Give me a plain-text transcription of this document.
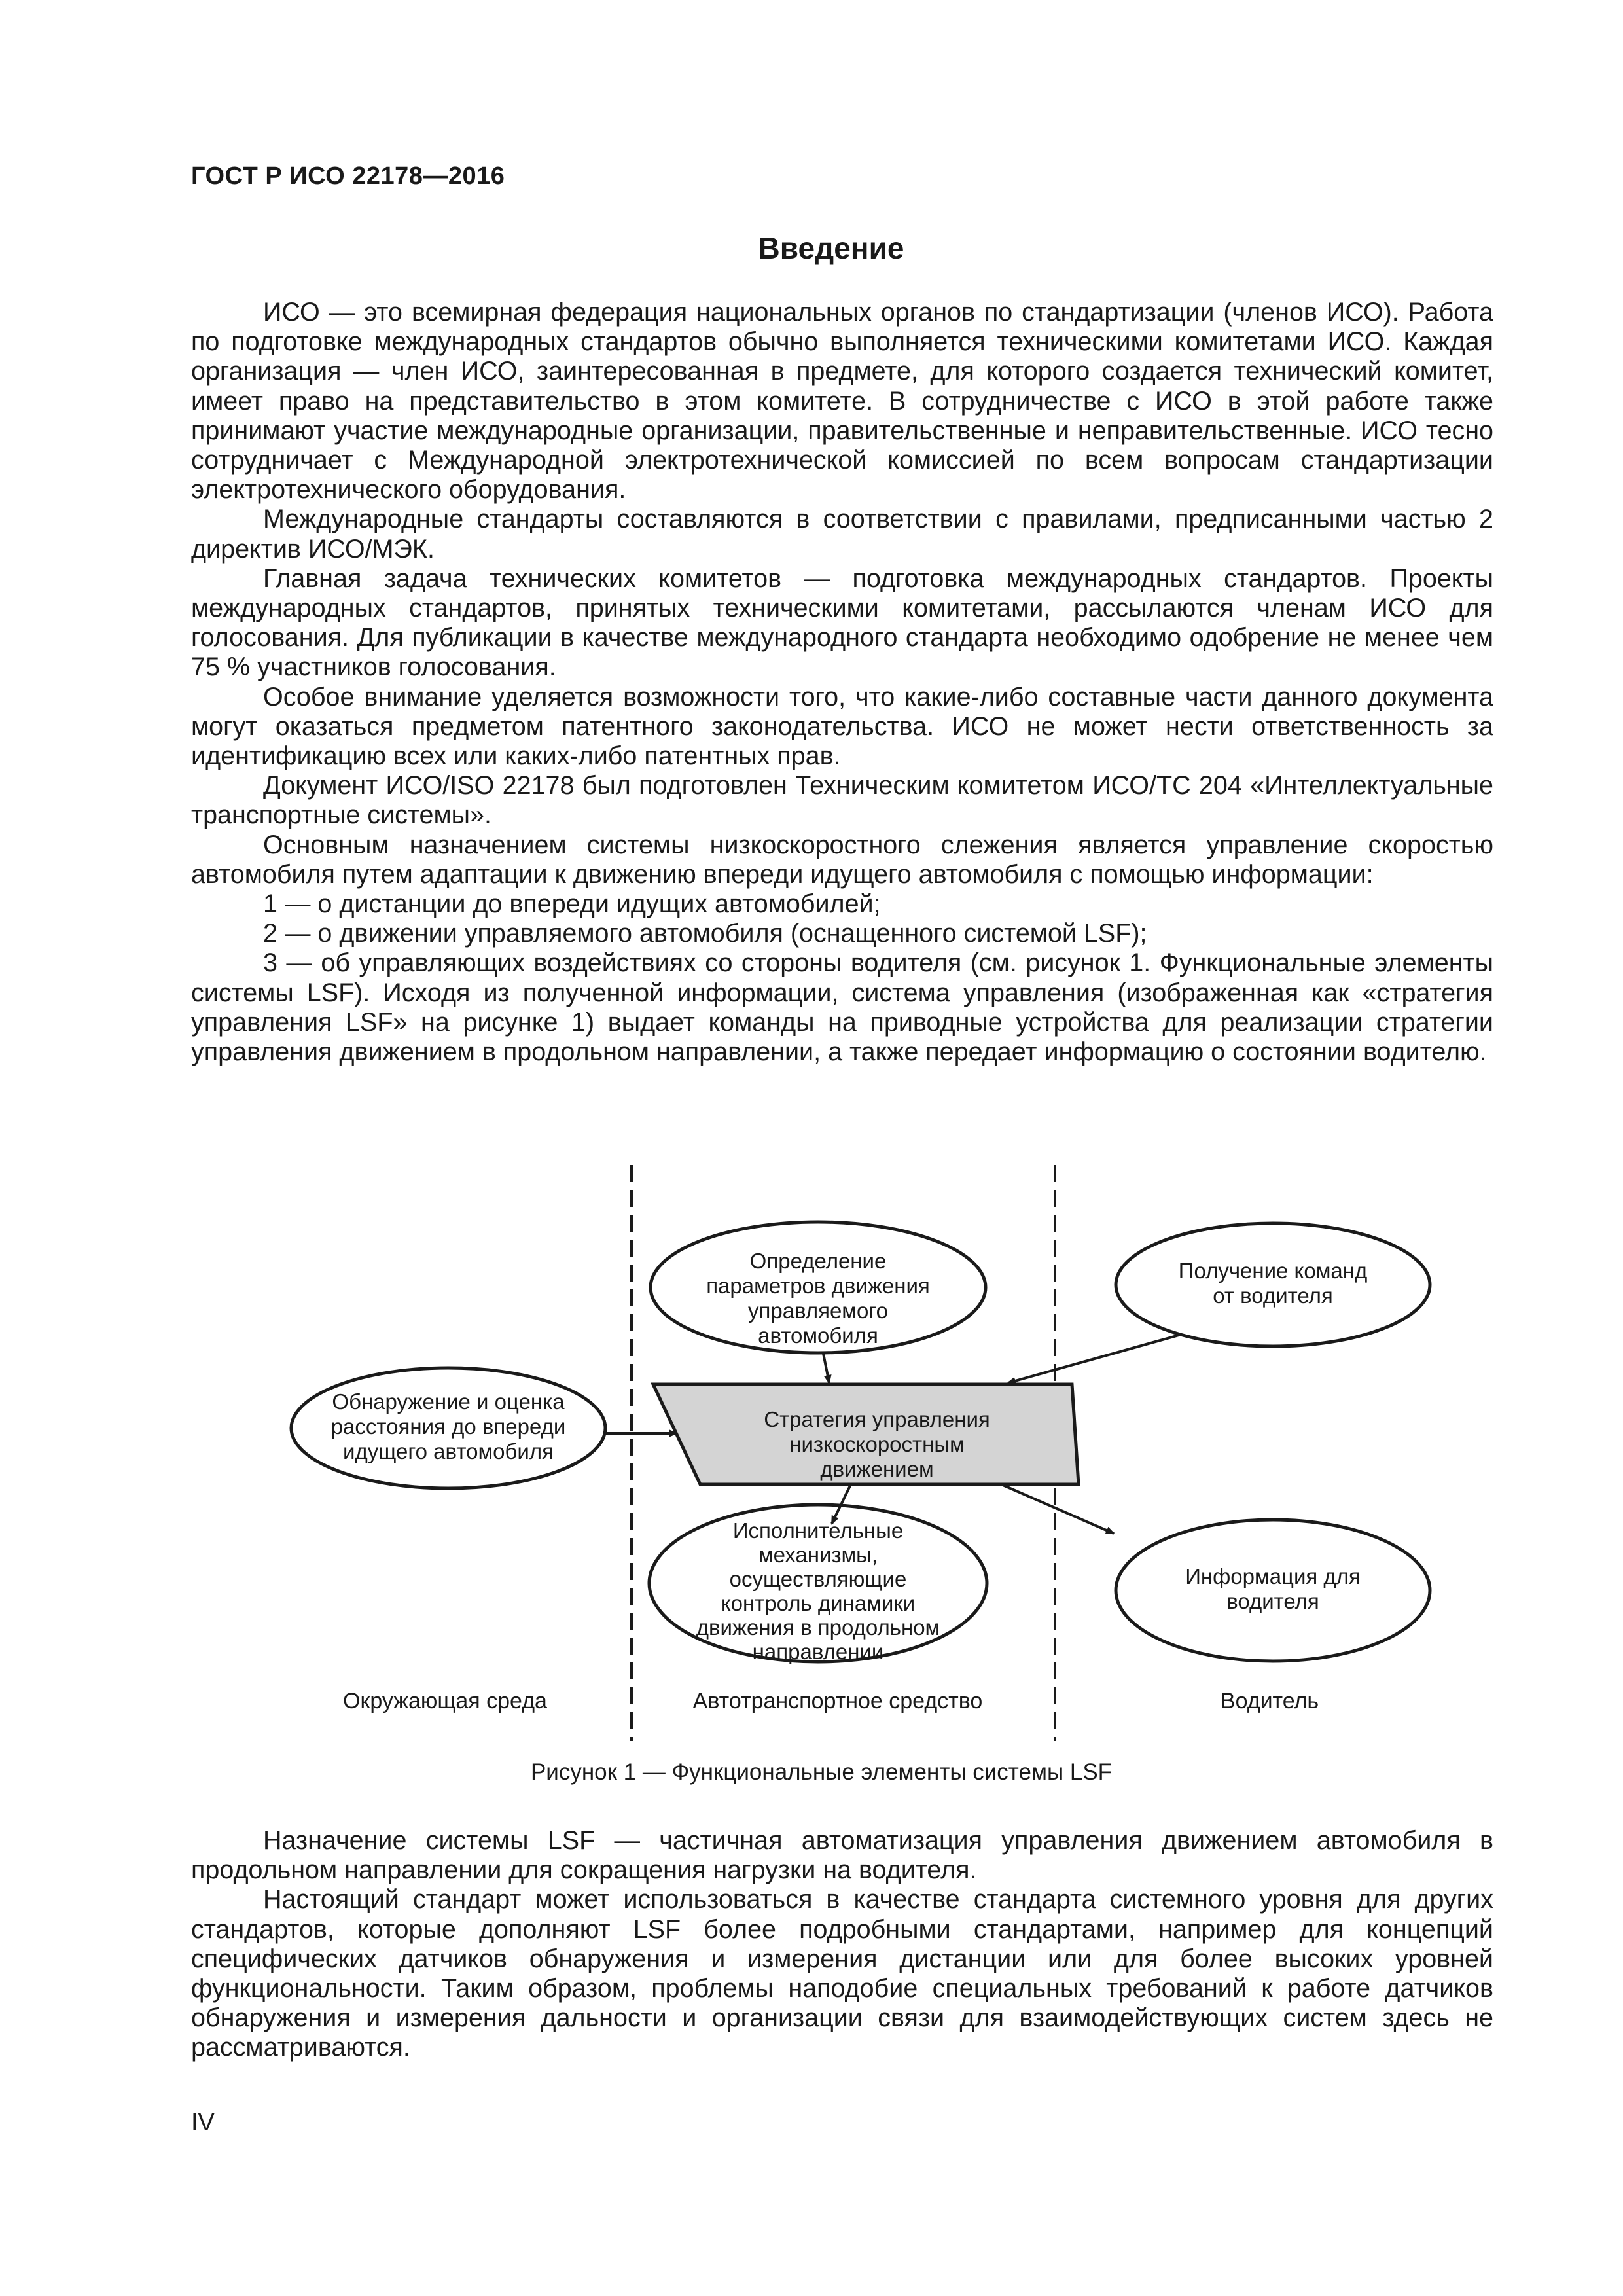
ГОСТ Р ИСО 22178—2016
Введение

ИСО — это всемирная федерация национальных органов по стандартизации (членов ИСО). Работа по подготовке международных стандартов обычно выполняется техническими комитетами ИСО. Каждая организация — член ИСО, заинтересованная в предмете, для которого создается технический комитет, имеет право на представительство в этом комитете. В сотрудничестве с ИСО в этой работе также принимают участие международные организации, правительственные и неправительственные. ИСО тесно сотрудничает с Международной электротехнической комиссией по всем вопросам стандартизации электротехнического оборудования.

Международные стандарты составляются в соответствии с правилами, предписанными частью 2 директив ИСО/МЭК.

Главная задача технических комитетов — подготовка международных стандартов. Проекты международных стандартов, принятых техническими комитетами, рассылаются членам ИСО для голосования. Для публикации в качестве международного стандарта необходимо одобрение не менее чем 75 % участников голосования.

Особое внимание уделяется возможности того, что какие-либо составные части данного документа могут оказаться предметом патентного законодательства. ИСО не может нести ответственность за идентификацию всех или каких-либо патентных прав.

Документ ИСО/ISO 22178 был подготовлен Техническим комитетом ИСО/ТС 204 «Интеллектуальные транспортные системы».

Основным назначением системы низкоскоростного слежения является управление скоростью автомобиля путем адаптации к движению впереди идущего автомобиля с помощью информации:

1 — о дистанции до впереди идущих автомобилей;

2 — о движении управляемого автомобиля (оснащенного системой LSF);

3 — об управляющих воздействиях со стороны водителя (см. рисунок 1. Функциональные элементы системы LSF). Исходя из полученной информации, система управления (изображенная как «стратегия управления LSF» на рисунке 1) выдает команды на приводные устройства для реализации стратегии управления движением в продольном направлении, а также передает информацию о состоянии водителю.

Обнаружение и оценка расстояния до впереди идущего автомобиля
Определение параметров движения управляемого автомобиля
Получение команд от водителя
Стратегия управления низкоскоростным движением
Исполнительные механизмы, осуществляющие контроль динамики движения в продольном направлении
Информация для водителя
Окружающая среда	Автотранспортное средство	Водитель
Рисунок 1 — Функциональные элементы системы LSF

Назначение системы LSF — частичная автоматизация управления движением автомобиля в продольном направлении для сокращения нагрузки на водителя.

Настоящий стандарт может использоваться в качестве стандарта системного уровня для других стандартов, которые дополняют LSF более подробными стандартами, например для концепций специфических датчиков обнаружения и измерения дистанции или для более высоких уровней функциональности. Таким образом, проблемы наподобие специальных требований к работе датчиков обнаружения и измерения дальности и организации связи для взаимодействующих систем здесь не рассматриваются.

IV
